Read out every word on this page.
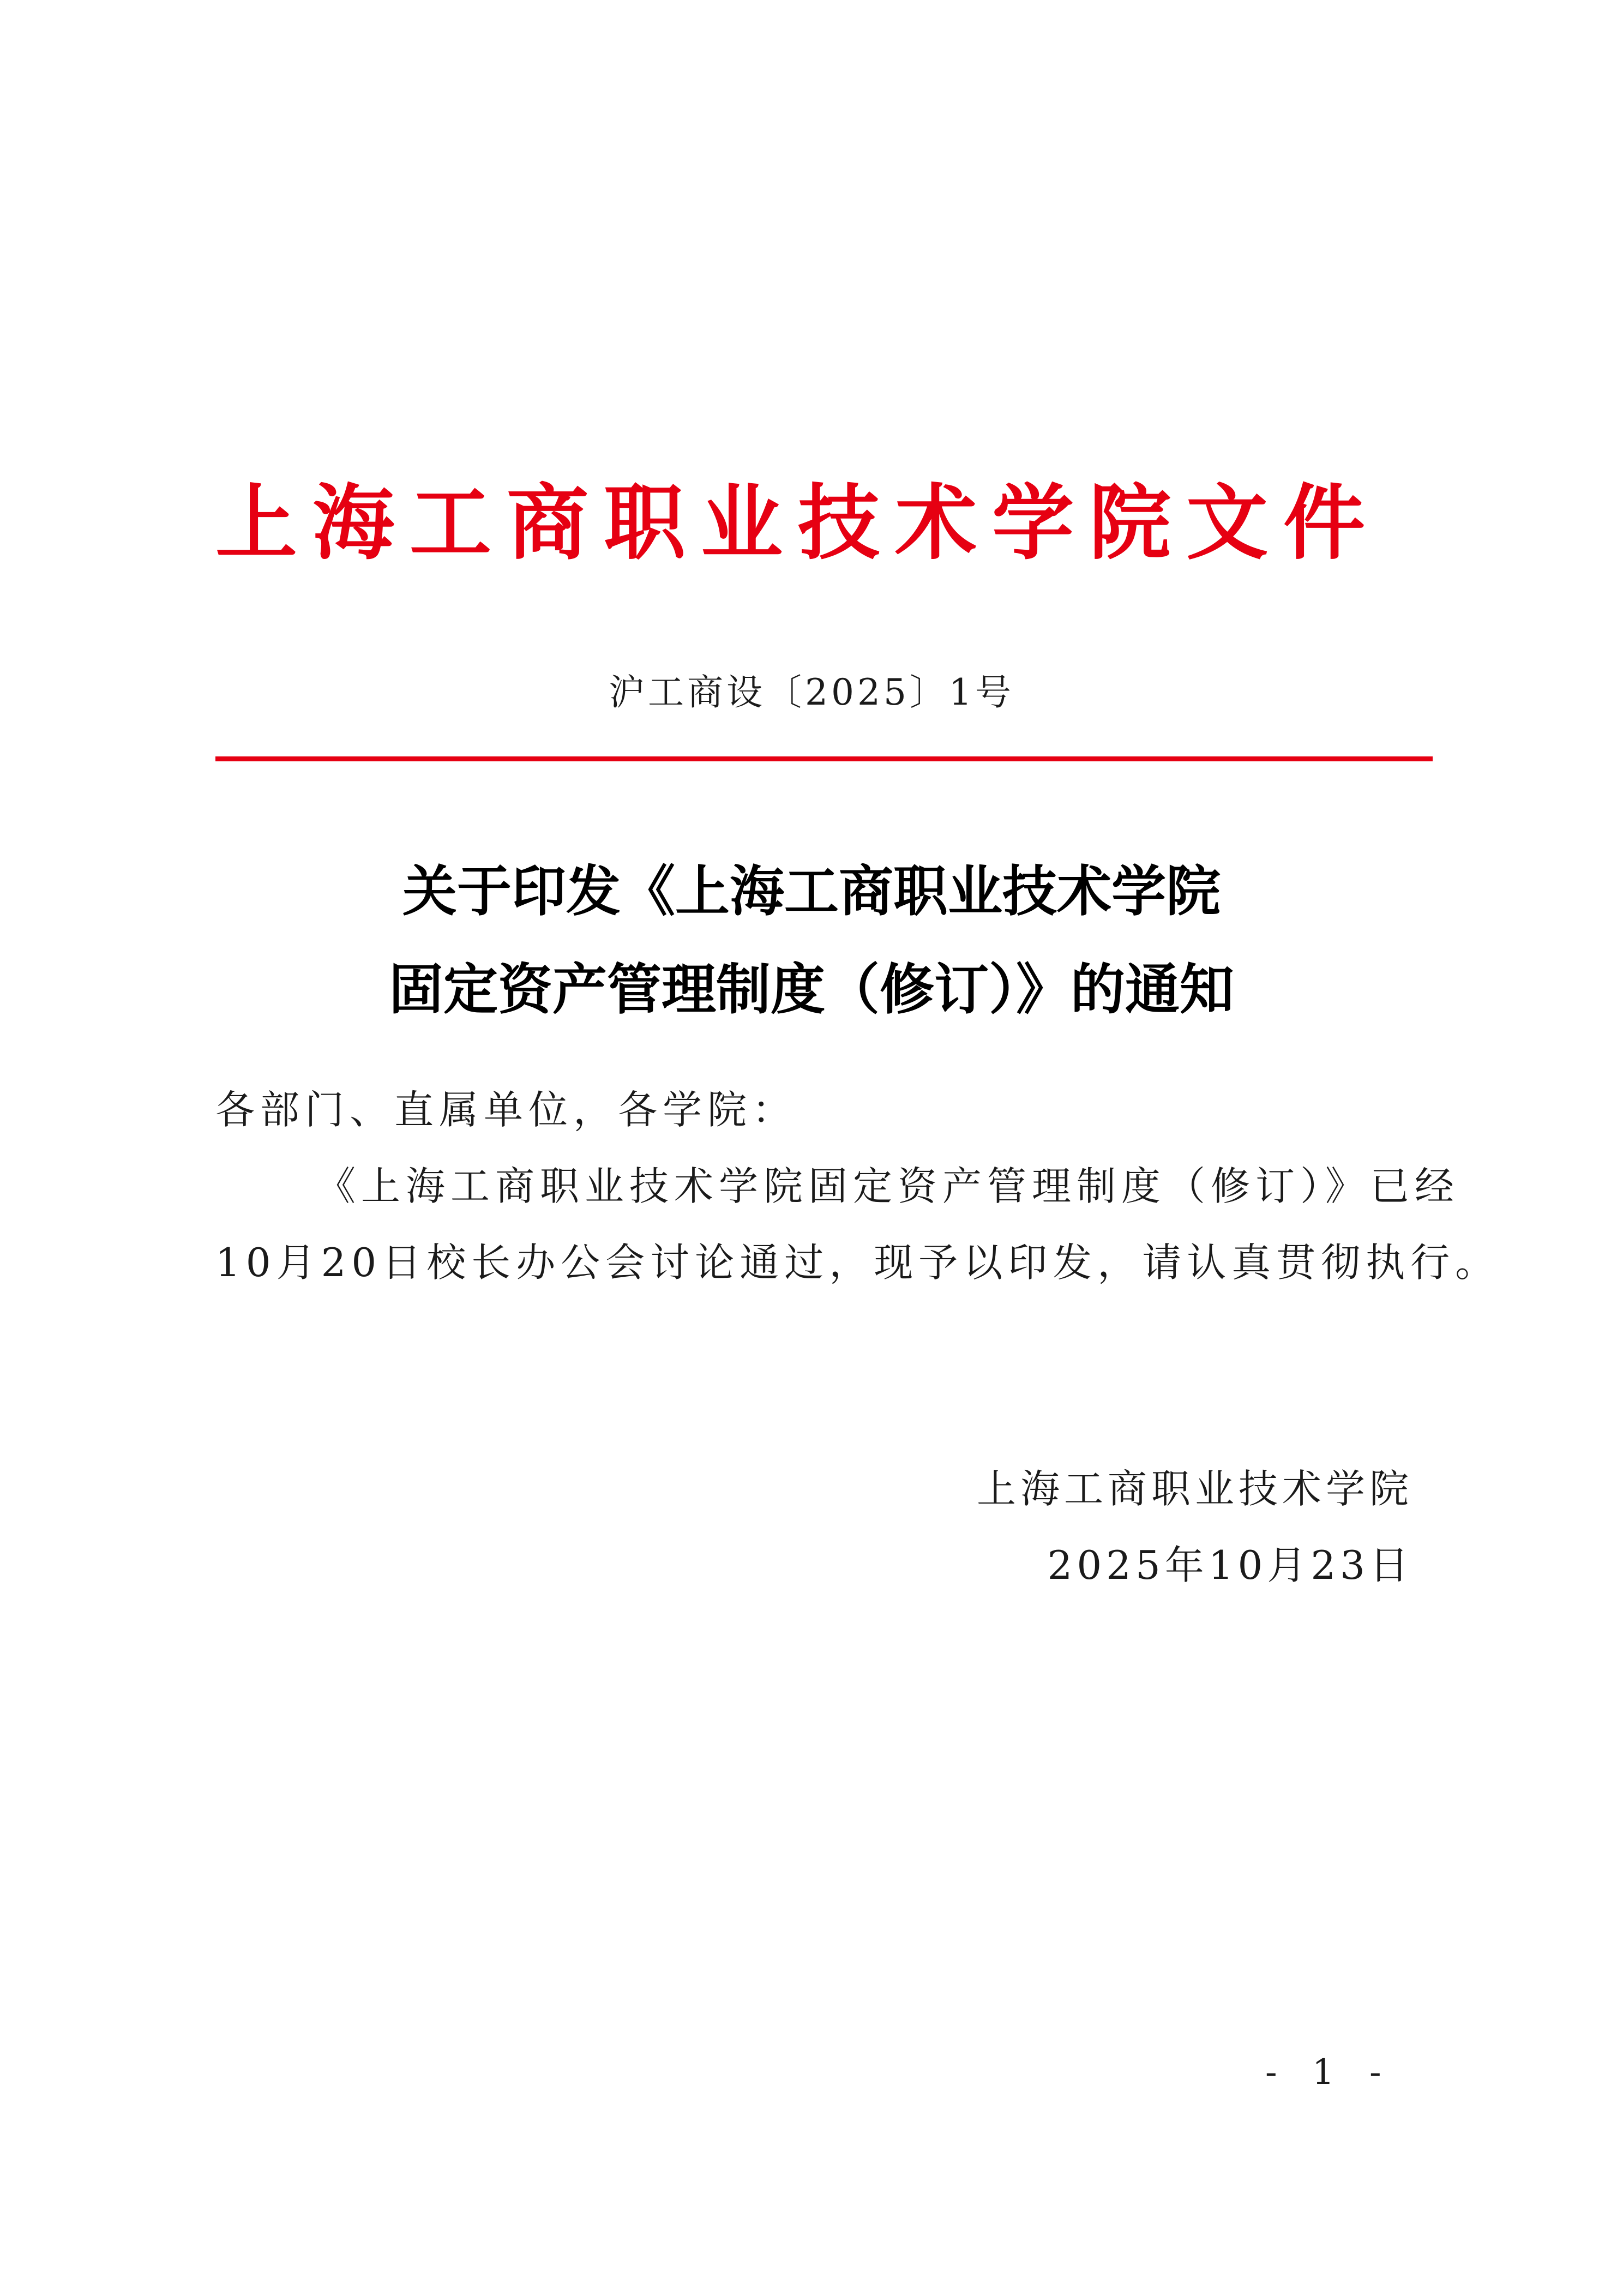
上海工商职业技术学院文件
沪工商设〔2025〕1号
关于印发《上海工商职业技术学院
固定资产管理制度（修订）》的通知
各部门、直属单位，各学院：
《上海工商职业技术学院固定资产管理制度（修订）》已经
10月20日校长办公会讨论通过，现予以印发，请认真贯彻执行。
上海工商职业技术学院
2025年10月23日
- 1 -
